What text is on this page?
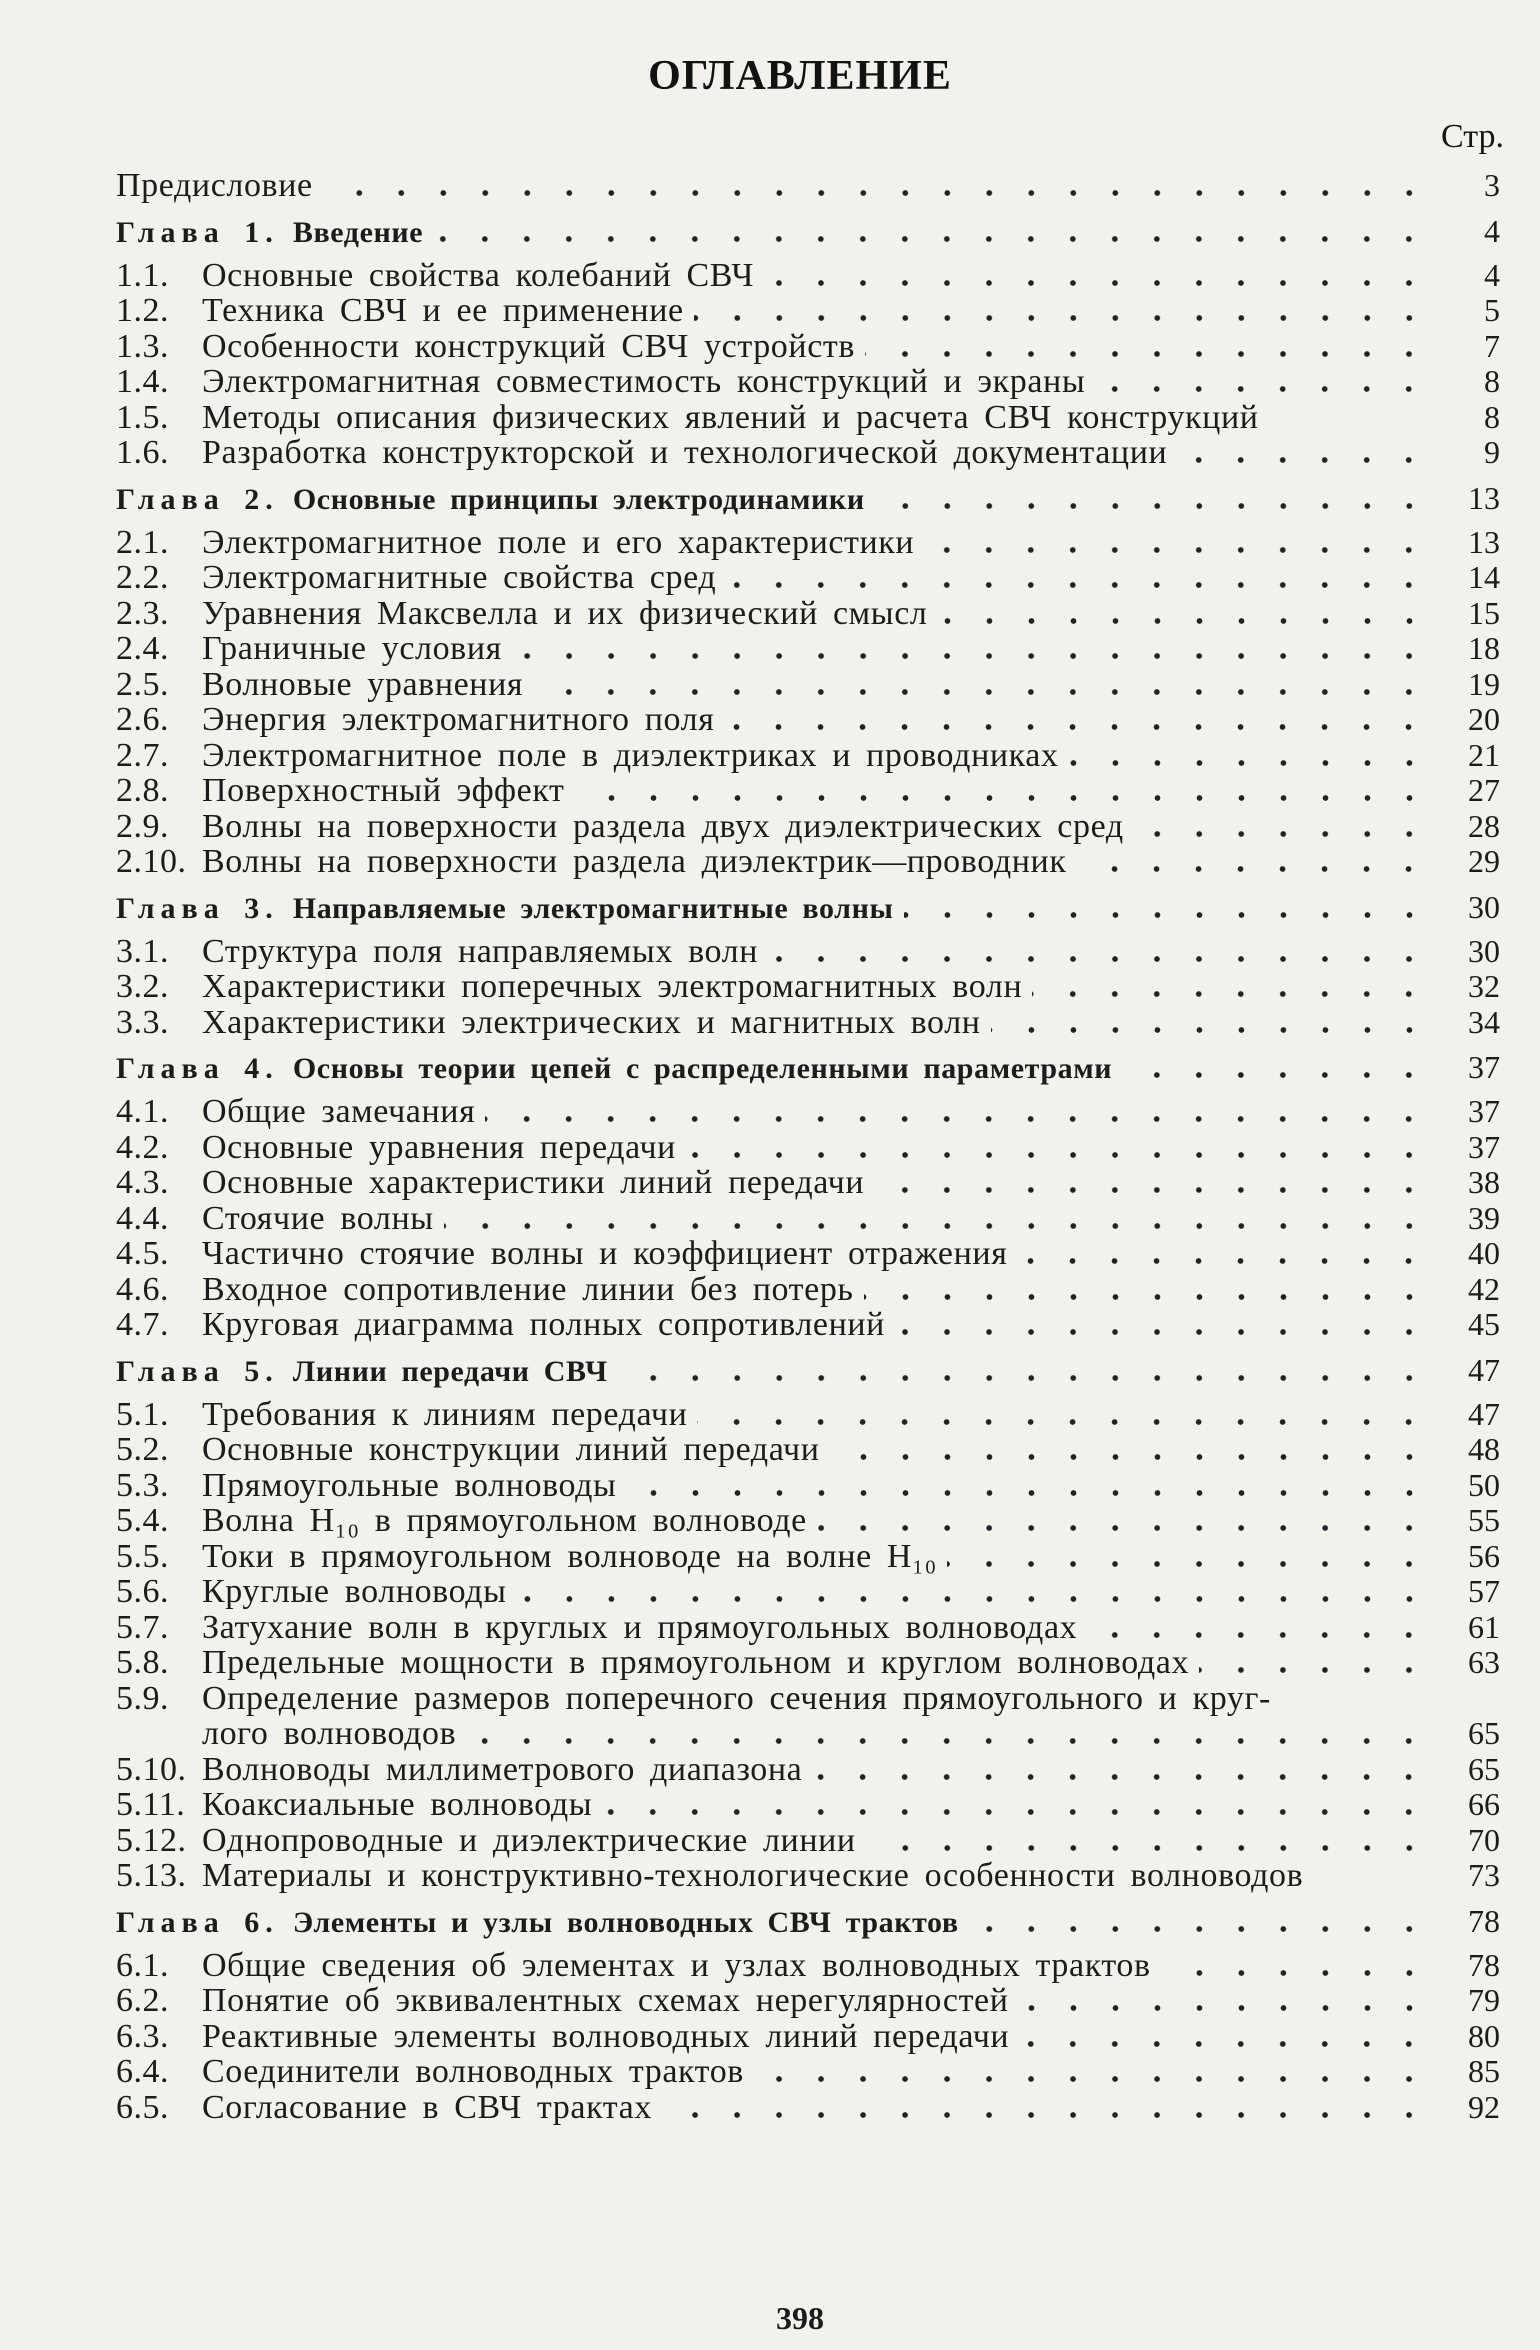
ОГЛАВЛЕНИЕ
Стр.
Предисловие	3
Глава 1. Введение	4
1.1. Основные свойства колебаний СВЧ	4
1.2. Техника СВЧ и ее применение	5
1.3. Особенности конструкций СВЧ устройств	7
1.4. Электромагнитная совместимость конструкций и экраны	8
1.5. Методы описания физических явлений и расчета СВЧ конструкций	8
1.6. Разработка конструкторской и технологической документации	9
Глава 2. Основные принципы электродинамики	13
2.1. Электромагнитное поле и его характеристики	13
2.2. Электромагнитные свойства сред	14
2.3. Уравнения Максвелла и их физический смысл	15
2.4. Граничные условия	18
2.5. Волновые уравнения	19
2.6. Энергия электромагнитного поля	20
2.7. Электромагнитное поле в диэлектриках и проводниках	21
2.8. Поверхностный эффект	27
2.9. Волны на поверхности раздела двух диэлектрических сред	28
2.10. Волны на поверхности раздела диэлектрик—проводник	29
Глава 3. Направляемые электромагнитные волны	30
3.1. Структура поля направляемых волн	30
3.2. Характеристики поперечных электромагнитных волн	32
3.3. Характеристики электрических и магнитных волн	34
Глава 4. Основы теории цепей с распределенными параметрами	37
4.1. Общие замечания	37
4.2. Основные уравнения передачи	37
4.3. Основные характеристики линий передачи	38
4.4. Стоячие волны	39
4.5. Частично стоячие волны и коэффициент отражения	40
4.6. Входное сопротивление линии без потерь	42
4.7. Круговая диаграмма полных сопротивлений	45
Глава 5. Линии передачи СВЧ	47
5.1. Требования к линиям передачи	47
5.2. Основные конструкции линий передачи	48
5.3. Прямоугольные волноводы	50
5.4. Волна H₁₀ в прямоугольном волноводе	55
5.5. Токи в прямоугольном волноводе на волне H₁₀	56
5.6. Круглые волноводы	57
5.7. Затухание волн в круглых и прямоугольных волноводах	61
5.8. Предельные мощности в прямоугольном и круглом волноводах	63
5.9. Определение размеров поперечного сечения прямоугольного и круг-
лого волноводов	65
5.10. Волноводы миллиметрового диапазона	65
5.11. Коаксиальные волноводы	66
5.12. Однопроводные и диэлектрические линии	70
5.13. Материалы и конструктивно-технологические особенности волноводов	73
Глава 6. Элементы и узлы волноводных СВЧ трактов	78
6.1. Общие сведения об элементах и узлах волноводных трактов	78
6.2. Понятие об эквивалентных схемах нерегулярностей	79
6.3. Реактивные элементы волноводных линий передачи	80
6.4. Соединители волноводных трактов	85
6.5. Согласование в СВЧ трактах	92
398
